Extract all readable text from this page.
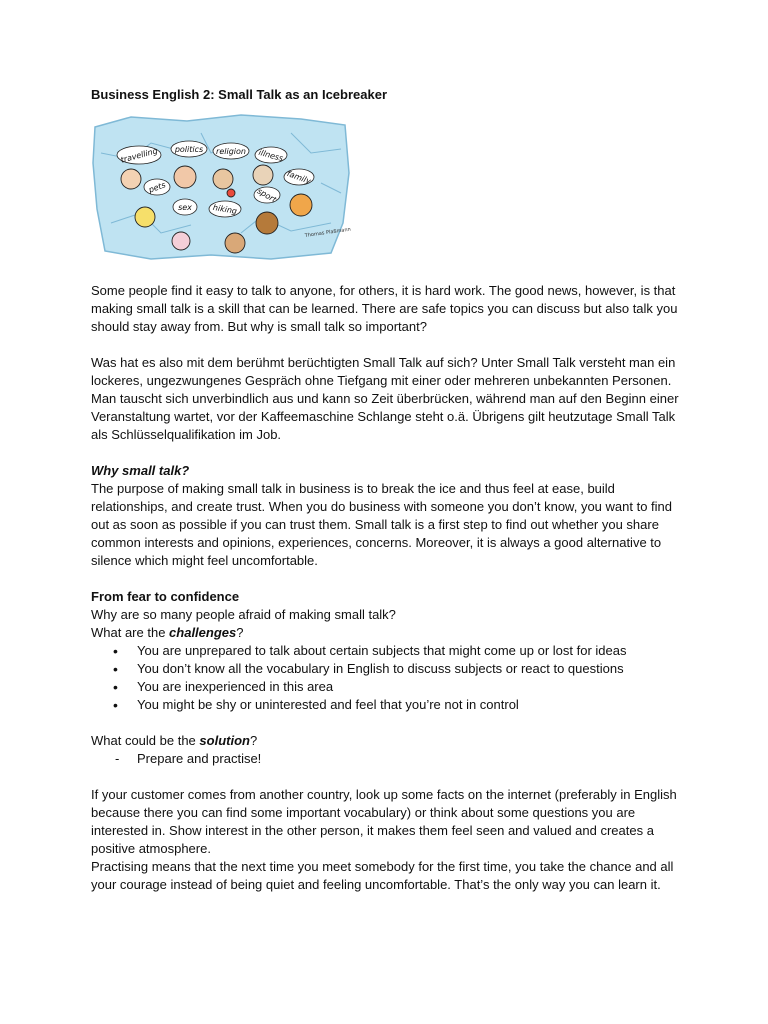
Business English 2: Small Talk as an Icebreaker
travelling politics religion illness
family
pets	sport
sex	hiking
Thomas Plaßmann

Some people find it easy to talk to anyone, for others, it is hard work. The good news, however, is that making small talk is a skill that can be learned. There are safe topics you can discuss but also talk you should stay away from. But why is small talk so important?

Was hat es also mit dem berühmt berüchtigten Small Talk auf sich? Unter Small Talk versteht man ein lockeres, ungezwungenes Gespräch ohne Tiefgang mit einer oder mehreren unbekannten Personen. Man tauscht sich unverbindlich aus und kann so Zeit überbrücken, während man auf den Beginn einer Veranstaltung wartet, vor der Kaffeemaschine Schlange steht o.ä. Übrigens gilt heutzutage Small Talk als Schlüsselqualifikation im Job.

Why small talk?
The purpose of making small talk in business is to break the ice and thus feel at ease, build relationships, and create trust. When you do business with someone you don’t know, you want to find out as soon as possible if you can trust them. Small talk is a first step to find out whether you share common interests and opinions, experiences, concerns. Moreover, it is always a good alternative to silence which might feel uncomfortable.
From fear to confidence
Why are so many people afraid of making small talk?
What are the challenges?
• You are unprepared to talk about certain subjects that might come up or lost for ideas
• You don’t know all the vocabulary in English to discuss subjects or react to questions
• You are inexperienced in this area
• You might be shy or uninterested and feel that you’re not in control
What could be the solution?
- Prepare and practise!
If your customer comes from another country, look up some facts on the internet (preferably in English because there you can find some important vocabulary) or think about some questions you are interested in. Show interest in the other person, it makes them feel seen and valued and creates a positive atmosphere.
Practising means that the next time you meet somebody for the first time, you take the chance and all your courage instead of being quiet and feeling uncomfortable. That’s the only way you can learn it.
